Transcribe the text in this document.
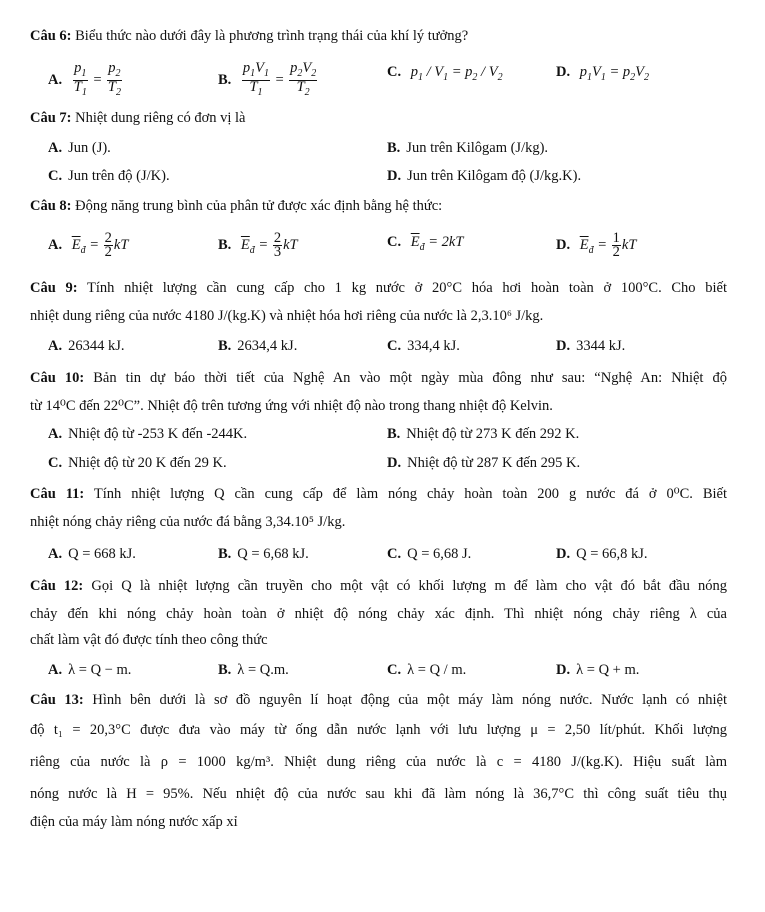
Câu 6: Biểu thức nào dưới đây là phương trình trạng thái của khí lý tưởng?
A. $\frac{p_1}{T_1} = \frac{p_2}{T_2}$	B. $\frac{p_1V_1}{T_1} = \frac{p_2V_2}{T_2}$	C. $p_1 / V_1 = p_2 / V_2$	D. $p_1V_1 = p_2V_2$
Câu 7: Nhiệt dung riêng có đơn vị là
A. Jun (J).	B. Jun trên Kilôgam (J/kg).
C. Jun trên độ (J/K).	D. Jun trên Kilôgam độ (J/kg.K).
Câu 8: Động năng trung bình của phân tử được xác định bằng hệ thức:
A. $\overline{E}_đ = \frac{2}{2}$ kT	B. $\overline{E}_đ = \frac{2}{3}$ kT	C. $\overline{E}_đ = 2kT$	D. $\overline{E}_đ = \frac{1}{2}$ kT
Câu 9: Tính nhiệt lượng cần cung cấp cho 1 kg nước ở 20°C hóa hơi hoàn toàn ở 100°C. Cho biết
nhiệt dung riêng của nước 4180 J/(kg.K) và nhiệt hóa hơi riêng của nước là 2,3.10⁶ J/kg.
A. 26344 kJ.	B. 2634,4 kJ.	C. 334,4 kJ.	D. 3344 kJ.
Câu 10: Bản tin dự báo thời tiết của Nghệ An vào một ngày mùa đông như sau: “Nghệ An: Nhiệt độ
từ 14⁰C đến 22⁰C”. Nhiệt độ trên tương ứng với nhiệt độ nào trong thang nhiệt độ Kelvin.
A. Nhiệt độ từ -253 K đến -244K.	B. Nhiệt độ từ 273 K đến 292 K.
C. Nhiệt độ từ 20 K đến 29 K.	D. Nhiệt độ từ 287 K đến 295 K.
Câu 11: Tính nhiệt lượng Q cần cung cấp để làm nóng chảy hoàn toàn 200 g nước đá ở 0⁰C. Biết
nhiệt nóng chảy riêng của nước đá bằng 3,34.10⁵ J/kg.
A. Q = 668 kJ.	B. Q = 6,68 kJ.	C. Q = 6,68 J.	D. Q = 66,8 kJ.
Câu 12: Gọi Q là nhiệt lượng cần truyền cho một vật có khối lượng m để làm cho vật đó bắt đầu nóng
chảy đến khi nóng chảy hoàn toàn ở nhiệt độ nóng chảy xác định. Thì nhiệt nóng chảy riêng λ của
chất làm vật đó được tính theo công thức
A. λ = Q − m.	B. λ = Q.m.	C. λ = Q / m.	D. λ = Q + m.
Câu 13: Hình bên dưới là sơ đồ nguyên lí hoạt động của một máy làm nóng nước. Nước lạnh có nhiệt
độ t₁ = 20,3°C được đưa vào máy từ ống dẫn nước lạnh với lưu lượng μ = 2,50 lít/phút. Khối lượng
riêng của nước là ρ = 1000 kg/m³. Nhiệt dung riêng của nước là c = 4180 J/(kg.K). Hiệu suất làm
nóng nước là H = 95%. Nếu nhiệt độ của nước sau khi đã làm nóng là 36,7°C thì công suất tiêu thụ
điện của máy làm nóng nước xấp xỉ
